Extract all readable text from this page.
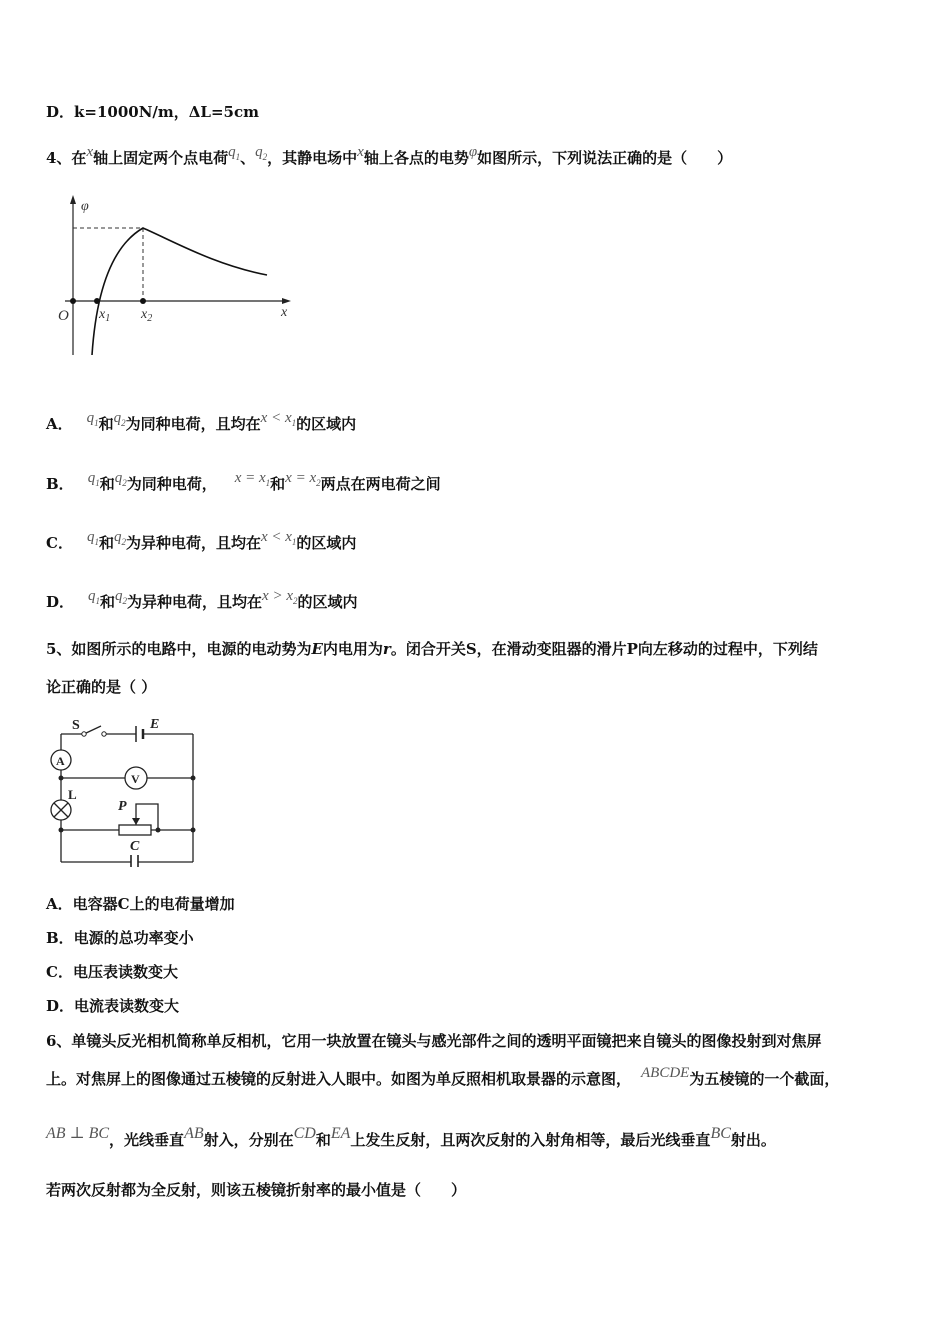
D．k=1000N/m，ΔL=5cm
4、在x轴上固定两个点电荷$q_1$、$q_2$，其静电场中x轴上各点的电势φ如图所示，下列说法正确的是（　　）
φ
x
O $x_1$ $x_2$
A． $q_1$和$q_2$为同种电荷，且均在$x < x_1$的区域内
B． $q_1$和$q_2$为同种电荷， $x = x_1$和$x = x_2$两点在两电荷之间
C． $q_1$和$q_2$为异种电荷，且均在$x < x_1$的区域内
D． $q_1$和$q_2$为异种电荷，且均在$x > x_2$的区域内
5、如图所示的电路中，电源的电动势为E内电用为r。闭合开关S，在滑动变阻器的滑片P向左移动的过程中，下列结
论正确的是（ ）
S	E
A
V
L
P
C
A．电容器C上的电荷量增加
B．电源的总功率变小
C．电压表读数变大
D．电流表读数变大
6、单镜头反光相机简称单反相机，它用一块放置在镜头与感光部件之间的透明平面镜把来自镜头的图像投射到对焦屏
上。对焦屏上的图像通过五棱镜的反射进入人眼中。如图为单反照相机取景器的示意图， ABCDE为五棱镜的一个截面，
AB ⊥ BC，光线垂直AB射入，分别在CD和EA上发生反射，且两次反射的入射角相等，最后光线垂直BC射出。
若两次反射都为全反射，则该五棱镜折射率的最小值是（　　）
